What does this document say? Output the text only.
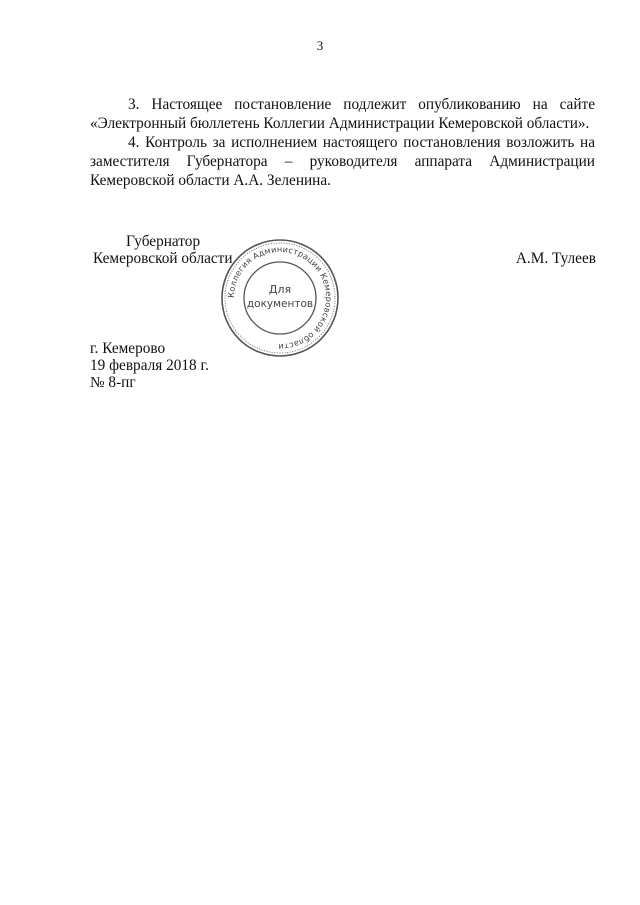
3
3. Настоящее постановление подлежит опубликованию на сайте
«Электронный бюллетень Коллегии Администрации Кемеровской области».
4. Контроль за исполнением настоящего постановления возложить на
заместителя Губернатора – руководителя аппарата Администрации
Кемеровской области А.А. Зеленина.
Губернатор
Кемеровской области	А.М. Тулеев
Коллегия Администрации Кемеровской области
Для
документов
г. Кемерово
19 февраля 2018 г.
№ 8-пг
